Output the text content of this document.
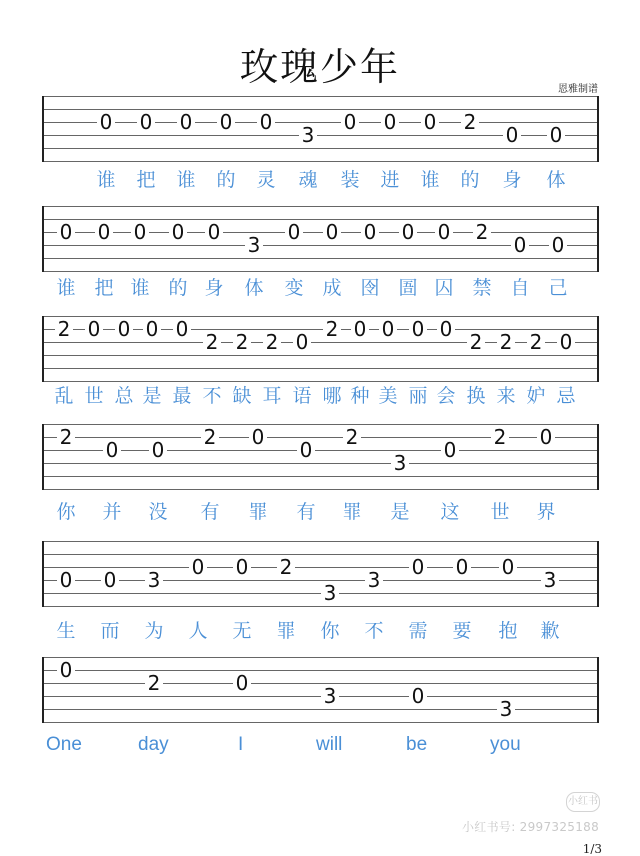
玫瑰少年
恩雅制谱
0 0 0 0 0
3
0 0 0 2
0 0
谁 把 谁 的 灵 魂 装 进 谁 的 身 体
0 0 0 0 0
3
0 0 0 0 0 2
0 0
谁 把 谁 的 身 体 变 成 囹 圄 囚 禁 自 己
2 0 0 0 0
2 2 2 0
2 0 0 0 0
2 2 2 0
乱 世 总 是 最 不 缺 耳 语 哪 种 美 丽 会 换 来 妒 忌
2
0 0
2 0
0
2
3
0
2 0
你 并 没 有 罪 有 罪 是 这 世 界
0 0 3
0 0 2
3
3
0 0 0
3
生 而 为 人 无 罪 你 不 需 要 抱 歉
0
2	0
3	0
3
One	day	I	will	be	you
小红书
小红书号: 2997325188
1/3
